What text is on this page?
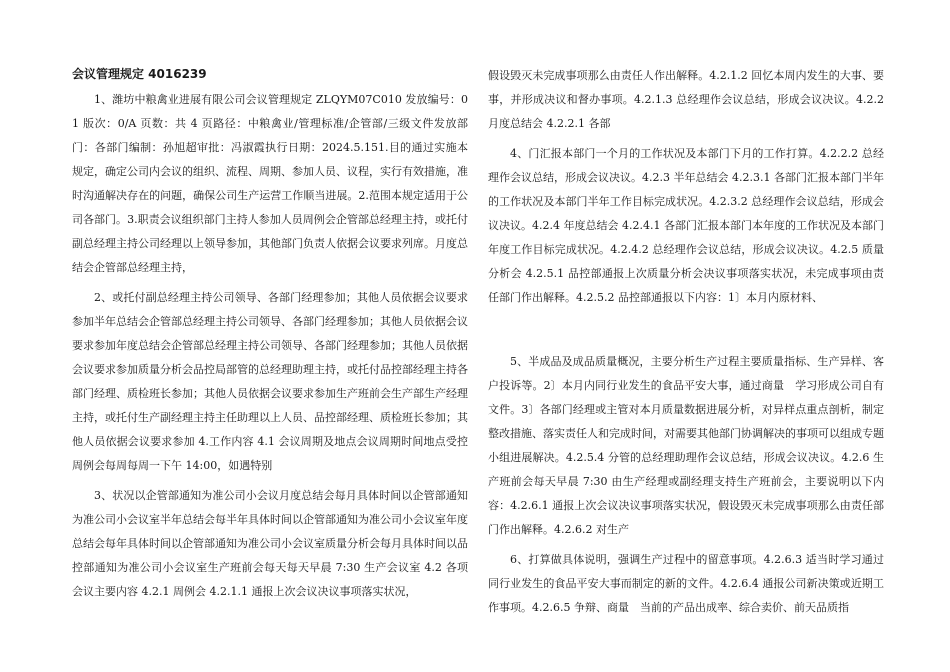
会议管理规定 4016239

1、潍坊中粮禽业进展有限公司会议管理规定 ZLQYM07C010 发放编号：01 版次：0/A 页数：共 4 页路径：中粮禽业/管理标准/企管部/三级文件发放部门：各部门编制：孙旭超审批：冯淑霞执行日期：2024.5.151.目的通过实施本规定，确定公司内会议的组织、流程、周期、参加人员、议程，实行有效措施，准时沟通解决存在的问题，确保公司生产运营工作顺当进展。2.范围本规定适用于公司各部门。3.职责会议组织部门主持人参加人员周例会企管部总经理主持，或托付副总经理主持公司经理以上领导参加，其他部门负责人依据会议要求列席。月度总结会企管部总经理主持，

2、或托付副总经理主持公司领导、各部门经理参加；其他人员依据会议要求参加半年总结会企管部总经理主持公司领导、各部门经理参加；其他人员依据会议要求参加年度总结会企管部总经理主持公司领导、各部门经理参加；其他人员依据会议要求参加质量分析会品控局部管的总经理助理主持，或托付品控部经理主持各部门经理、质检班长参加；其他人员依据会议要求参加生产班前会生产部生产经理主持，或托付生产副经理主持主任助理以上人员、品控部经理、质检班长参加；其他人员依据会议要求参加 4.工作内容 4.1 会议周期及地点会议周期时间地点受控周例会每周每周一下午 14:00，如遇特别

3、状况以企管部通知为准公司小会议月度总结会每月具体时间以企管部通知为准公司小会议室半年总结会每半年具体时间以企管部通知为准公司小会议室年度总结会每年具体时间以企管部通知为准公司小会议室质量分析会每月具体时间以品控部通知为准公司小会议室生产班前会每天每天早晨 7:30 生产会议室 4.2 各项会议主要内容 4.2.1 周例会 4.2.1.1 通报上次会议决议事项落实状况，

假设毁灭未完成事项那么由责任人作出解释。4.2.1.2 回忆本周内发生的大事、要事，并形成决议和督办事项。4.2.1.3 总经理作会议总结，形成会议决议。4.2.2 月度总结会 4.2.2.1 各部

4、门汇报本部门一个月的工作状况及本部门下月的工作打算。4.2.2.2 总经理作会议总结，形成会议决议。4.2.3 半年总结会 4.2.3.1 各部门汇报本部门半年的工作状况及本部门半年工作目标完成状况。4.2.3.2 总经理作会议总结，形成会议决议。4.2.4 年度总结会 4.2.4.1 各部门汇报本部门本年度的工作状况及本部门年度工作目标完成状况。4.2.4.2 总经理作会议总结，形成会议决议。4.2.5 质量分析会 4.2.5.1 品控部通报上次质量分析会决议事项落实状况，未完成事项由责任部门作出解释。4.2.5.2 品控部通报以下内容：1〕本月内原材料、

5、半成品及成品质量概况，主要分析生产过程主要质量指标、生产异样、客户投诉等。2〕本月内同行业发生的食品平安大事，通过商量　学习形成公司自有文件。3〕各部门经理或主管对本月质量数据进展分析，对异样点重点剖析，制定整改措施、落实责任人和完成时间，对需要其他部门协调解决的事项可以组成专题小组进展解决。4.2.5.4 分管的总经理助理作会议总结，形成会议决议。4.2.6 生产班前会每天早晨 7:30 由生产经理或副经理支持生产班前会，主要说明以下内容：4.2.6.1 通报上次会议决议事项落实状况，假设毁灭未完成事项那么由责任部门作出解释。4.2.6.2 对生产

6、打算做具体说明，强调生产过程中的留意事项。4.2.6.3 适当时学习通过同行业发生的食品平安大事而制定的新的文件。4.2.6.4 通报公司新决策或近期工作事项。4.2.6.5 争辩、商量　当前的产品出成率、综合卖价、前天品质指
